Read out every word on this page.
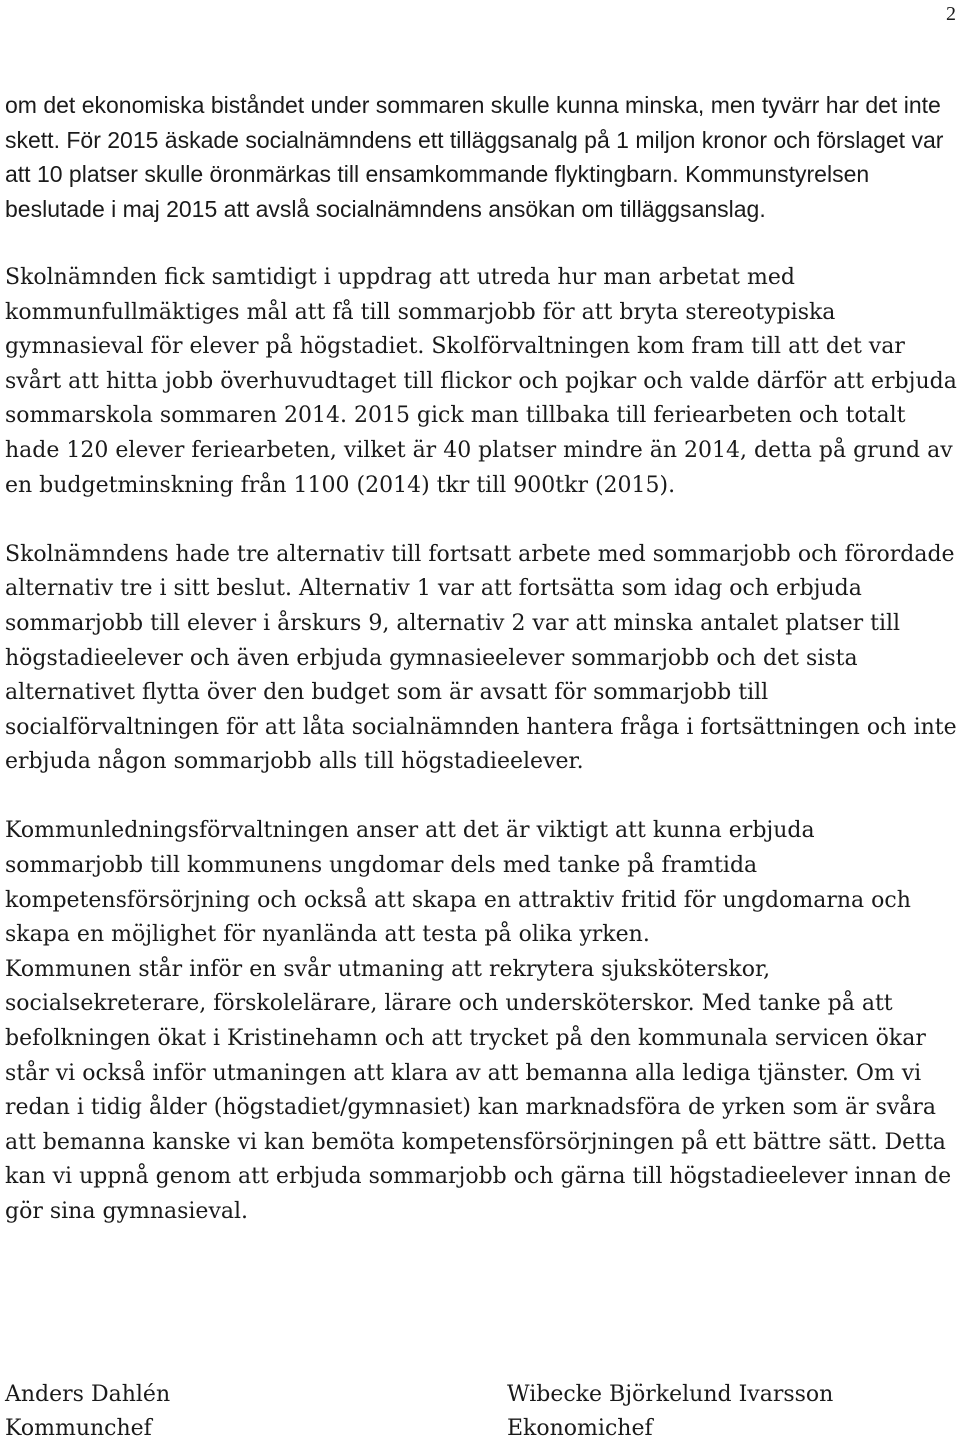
2

om det ekonomiska biståndet under sommaren skulle kunna minska, men tyvärr har det inte skett. För 2015 äskade socialnämndens ett tilläggsanalg på 1 miljon kronor och förslaget var att 10 platser skulle öronmärkas till ensamkommande flyktingbarn. Kommunstyrelsen beslutade i maj 2015 att avslå socialnämndens ansökan om tilläggsanslag.

Skolnämnden fick samtidigt i uppdrag att utreda hur man arbetat med kommunfullmäktiges mål att få till sommarjobb för att bryta stereotypiska gymnasieval för elever på högstadiet. Skolförvaltningen kom fram till att det var svårt att hitta jobb överhuvudtaget till flickor och pojkar och valde därför att erbjuda sommarskola sommaren 2014. 2015 gick man tillbaka till feriearbeten och totalt hade 120 elever feriearbeten, vilket är 40 platser mindre än 2014, detta på grund av en budgetminskning från 1100 (2014) tkr till 900tkr (2015).

Skolnämndens hade tre alternativ till fortsatt arbete med sommarjobb och förordade alternativ tre i sitt beslut. Alternativ 1 var att fortsätta som idag och erbjuda sommarjobb till elever i årskurs 9, alternativ 2 var att minska antalet platser till högstadieelever och även erbjuda gymnasieelever sommarjobb och det sista alternativet flytta över den budget som är avsatt för sommarjobb till socialförvaltningen för att låta socialnämnden hantera fråga i fortsättningen och inte erbjuda någon sommarjobb alls till högstadieelever.

Kommunledningsförvaltningen anser att det är viktigt att kunna erbjuda sommarjobb till kommunens ungdomar dels med tanke på framtida kompetensförsörjning och också att skapa en attraktiv fritid för ungdomarna och skapa en möjlighet för nyanlända att testa på olika yrken.

Kommunen står inför en svår utmaning att rekrytera sjuksköterskor, socialsekreterare, förskolelärare, lärare och undersköterskor. Med tanke på att befolkningen ökat i Kristinehamn och att trycket på den kommunala servicen ökar står vi också inför utmaningen att klara av att bemanna alla lediga tjänster. Om vi redan i tidig ålder (högstadiet/gymnasiet) kan marknadsföra de yrken som är svåra att bemanna kanske vi kan bemöta kompetensförsörjningen på ett bättre sätt. Detta kan vi uppnå genom att erbjuda sommarjobb och gärna till högstadieelever innan de gör sina gymnasieval.

Anders Dahlén
Kommunchef
Wibecke Björkelund Ivarsson
Ekonomichef
